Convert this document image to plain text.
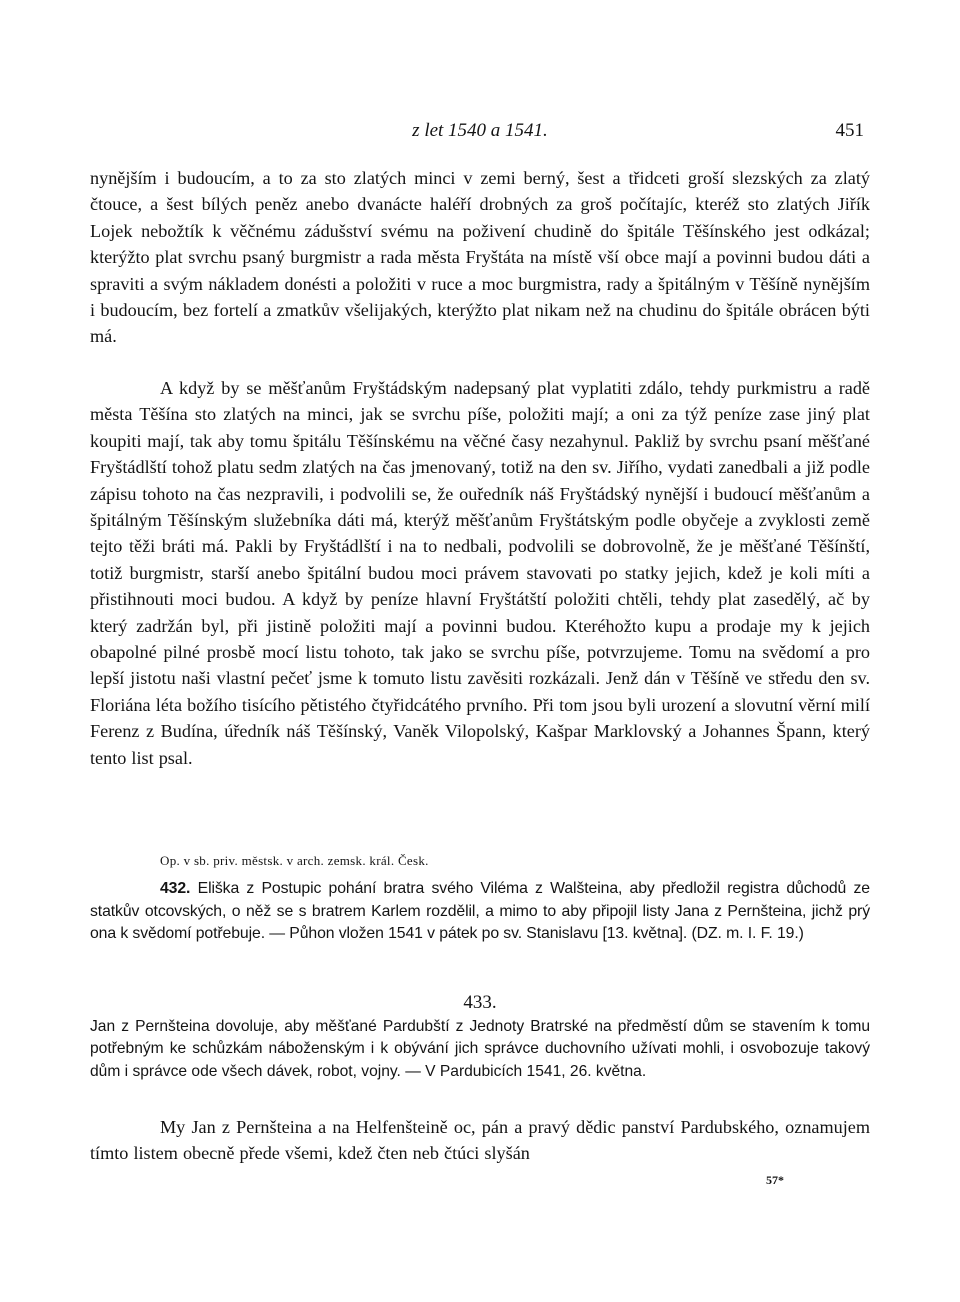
z let 1540 a 1541.	451
nynějším i budoucím, a to za sto zlatých minci v zemi berný, šest a třidceti groší slezských za zlatý čtouce, a šest bílých peněz anebo dvanácte haléří drobných za groš počítajíc, kteréž sto zlatých Jiřík Lojek nebožtík k věčnému zádušství svému na poživení chudině do špitále Těšínského jest odkázal; kterýžto plat svrchu psaný burgmistr a rada města Fryštáta na místě vší obce mají a povinni budou dáti a spraviti a svým nákladem donésti a položiti v ruce a moc burgmistra, rady a špitálným v Těšíně nynějším i budoucím, bez fortelí a zmatkův všelijakých, kterýžto plat nikam než na chudinu do špitále obrácen býti má.
A když by se měšťanům Fryštádským nadepsaný plat vyplatiti zdálo, tehdy purkmistru a radě města Těšína sto zlatých na minci, jak se svrchu píše, položiti mají; a oni za týž peníze zase jiný plat koupiti mají, tak aby tomu špitálu Těšínskému na věčné časy nezahynul. Pakliž by svrchu psaní měšťané Fryštádlští tohož platu sedm zlatých na čas jmenovaný, totiž na den sv. Jiřího, vydati zanedbali a již podle zápisu tohoto na čas nezpravili, i podvolili se, že ouředník náš Fryštádský nynější i budoucí měšťanům a špitálným Těšínským služebníka dáti má, kterýž měšťanům Fryštátským podle obyčeje a zvyklosti země tejto těži bráti má. Pakli by Fryštádlští i na to nedbali, podvolili se dobrovolně, že je měšťané Těšínští, totiž burgmistr, starší anebo špitální budou moci právem stavovati po statky jejich, kdež je koli míti a přistihnouti moci budou. A když by peníze hlavní Fryštátští položiti chtěli, tehdy plat zasedělý, ač by který zadržán byl, při jistině položiti mají a povinni budou. Kteréhožto kupu a prodaje my k jejich obapolné pilné prosbě mocí listu tohoto, tak jako se svrchu píše, potvrzujeme. Tomu na svědomí a pro lepší jistotu naši vlastní pečeť jsme k tomuto listu zavěsiti rozkázali. Jenž dán v Těšíně ve středu den sv. Floriána léta božího tisícího pětistého čtyřidcátého prvního. Při tom jsou byli urození a slovutní věrní milí Ferenz z Budína, úředník náš Těšínský, Vaněk Vilopolský, Kašpar Marklovský a Johannes Špann, který tento list psal.
Op. v sb. priv. městsk. v arch. zemsk. král. Česk.
432. Eliška z Postupic pohání bratra svého Viléma z Walšteina, aby předložil registra důchodů ze statkův otcovských, o něž se s bratrem Karlem rozdělil, a mimo to aby připojil listy Jana z Pernšteina, jichž prý ona k svědomí potřebuje. — Půhon vložen 1541 v pátek po sv. Stanislavu [13. května]. (DZ. m. I. F. 19.)
433.
Jan z Pernšteina dovoluje, aby měšťané Pardubští z Jednoty Bratrské na předměstí dům se stavením k tomu potřebným ke schůzkám náboženským i k obývání jich správce duchovního užívati mohli, i osvobozuje takový dům i správce ode všech dávek, robot, vojny. — V Pardubicích 1541, 26. května.
My Jan z Pernšteina a na Helfenšteině oc, pán a pravý dědic panství Pardubského, oznamujem tímto listem obecně přede všemi, kdež čten neb čtúci slyšán
57*
